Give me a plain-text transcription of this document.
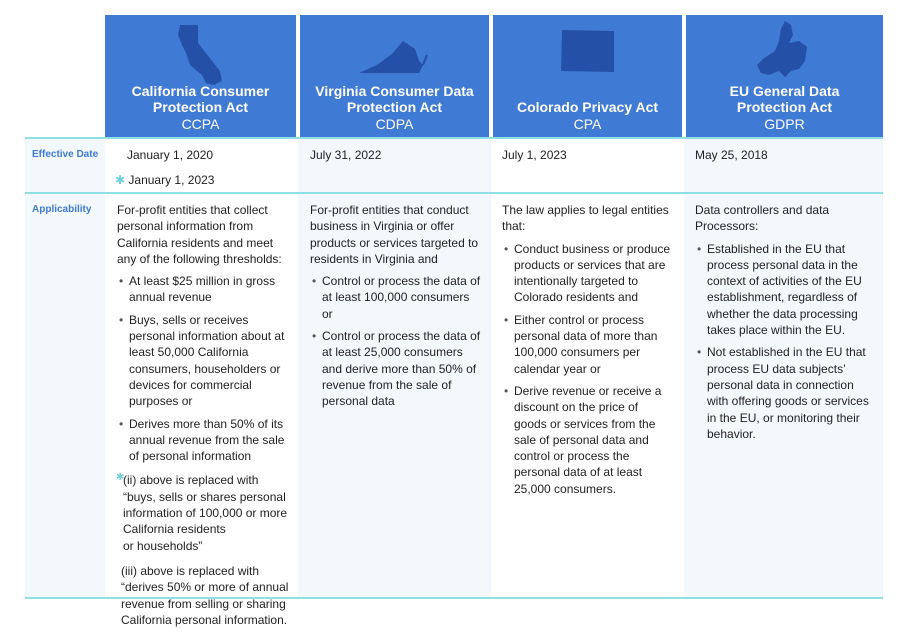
California Consumer
Protection Act
CCPA
Virginia Consumer Data
Protection Act
CDPA
Colorado Privacy Act
CPA
EU General Data
Protection Act
GDPR
Effective Date January 1, 2020
✱ January 1, 2023
July 31, 2022	July 1, 2023	May 25, 2018
Applicability For-profit entities that collect personal information from California residents and meet any of the following thresholds:

• At least $25 million in gross annual revenue
• Buys, sells or receives personal information about at least 50,000 California consumers, householders or devices for commercial purposes or
• Derives more than 50% of its annual revenue from the sale of personal information
✱
(ii) above is replaced with
“buys, sells or shares personal
information of 100,000 or more
California residents
or households”
(iii) above is replaced with
“derives 50% or more of annual
revenue from selling or sharing
California personal information.

For-profit entities that conduct business in Virginia or offer products or services targeted to residents in Virginia and

• Control or process the data of at least 100,000 consumers or
• Control or process the data of at least 25,000 consumers and derive more than 50% of revenue from the sale of personal data

The law applies to legal entities that:

• Conduct business or produce products or services that are intentionally targeted to Colorado residents and
• Either control or process personal data of more than 100,000 consumers per calendar year or
• Derive revenue or receive a discount on the price of goods or services from the sale of personal data and control or process the personal data of at least 25,000 consumers.

Data controllers and data Processors:

• Established in the EU that process personal data in the context of activities of the EU establishment, regardless of whether the data processing takes place within the EU.
• Not established in the EU that process EU data subjects’ personal data in connection with offering goods or services in the EU, or monitoring their behavior.
